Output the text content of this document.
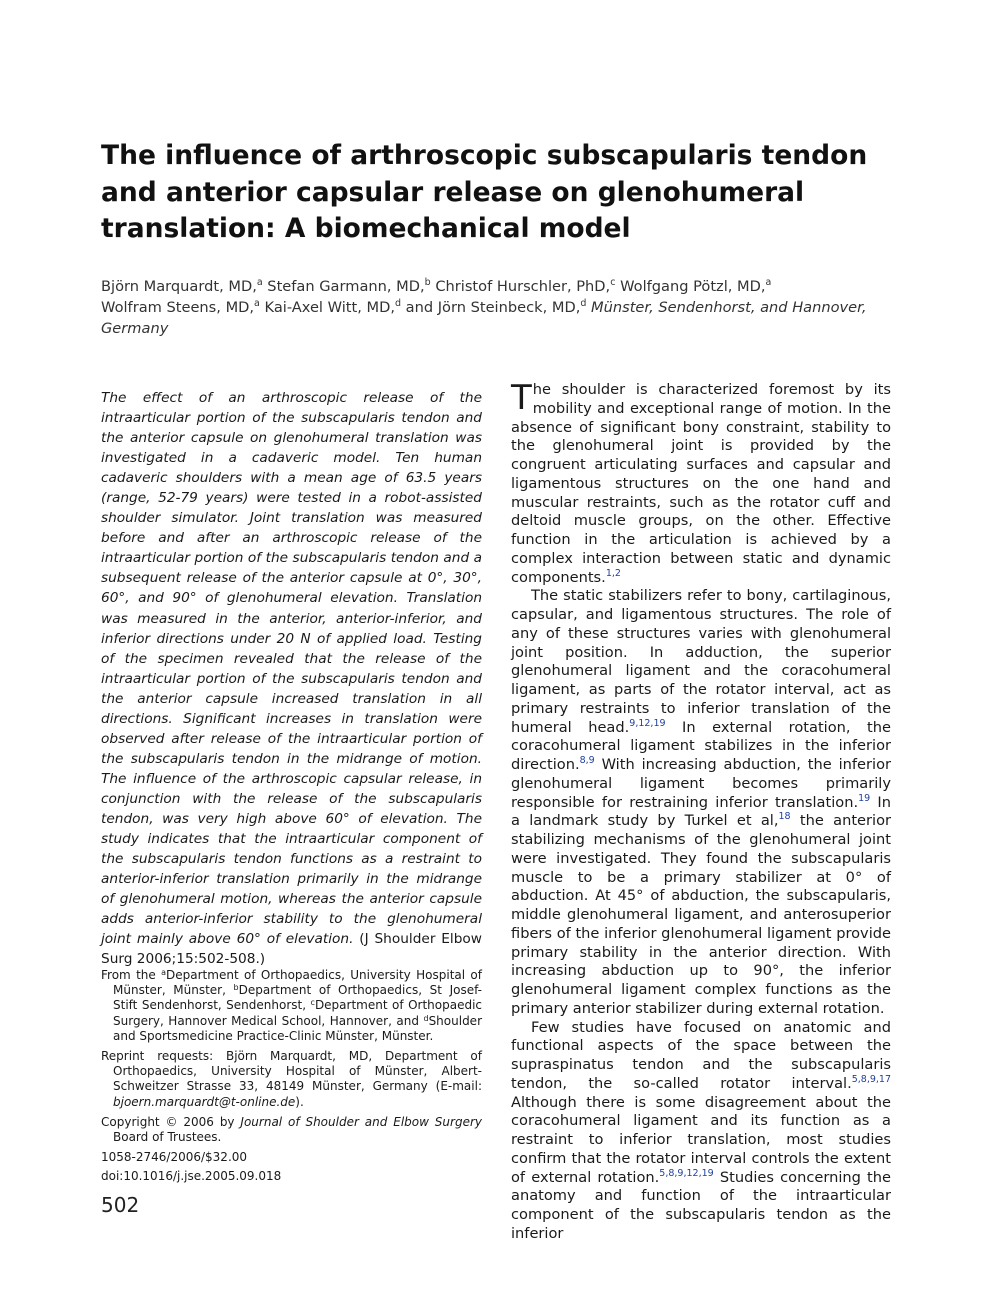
The influence of arthroscopic subscapularis tendon and anterior capsular release on glenohumeral translation: A biomechanical model

Björn Marquardt, MD,$^a$ Stefan Garmann, MD,$^b$ Christof Hurschler, PhD,$^c$ Wolfgang Pötzl, MD,$^a$
Wolfram Steens, MD,$^a$ Kai-Axel Witt, MD,$^d$ and Jörn Steinbeck, MD,$^d$ Münster, Sendenhorst, and Hannover, Germany

The effect of an arthroscopic release of the intraarticular portion of the subscapularis tendon and the anterior capsule on glenohumeral translation was investigated in a cadaveric model. Ten human cadaveric shoulders with a mean age of 63.5 years (range, 52-79 years) were tested in a robot-assisted shoulder simulator. Joint translation was measured before and after an arthroscopic release of the intraarticular portion of the subscapularis tendon and a subsequent release of the anterior capsule at 0°, 30°, 60°, and 90° of glenohumeral elevation. Translation was measured in the anterior, anterior-inferior, and inferior directions under 20 N of applied load. Testing of the specimen revealed that the release of the intraarticular portion of the subscapularis tendon and the anterior capsule increased translation in all directions. Significant increases in translation were observed after release of the intraarticular portion of the subscapularis tendon in the midrange of motion. The influence of the arthroscopic capsular release, in conjunction with the release of the subscapularis tendon, was very high above 60° of elevation. The study indicates that the intraarticular component of the subscapularis tendon functions as a restraint to anterior-inferior translation primarily in the midrange of glenohumeral motion, whereas the anterior capsule adds anterior-inferior stability to the glenohumeral joint mainly above 60° of elevation. (J Shoulder Elbow Surg 2006;15:502-508.)

From the $^a$Department of Orthopaedics, University Hospital of Münster, Münster, $^b$Department of Orthopaedics, St Josef-Stift Sendenhorst, Sendenhorst, $^c$Department of Orthopaedic Surgery, Hannover Medical School, Hannover, and $^d$Shoulder and Sportsmedicine Practice-Clinic Münster, Münster.

Reprint requests: Björn Marquardt, MD, Department of Orthopaedics, University Hospital of Münster, Albert-Schweitzer Strasse 33, 48149 Münster, Germany (E-mail: bjoern.marquardt@t-online.de).

Copyright © 2006 by Journal of Shoulder and Elbow Surgery Board of Trustees.

1058-2746/2006/$32.00

doi:10.1016/j.jse.2005.09.018

502

The shoulder is characterized foremost by its mobility and exceptional range of motion. In the absence of significant bony constraint, stability to the glenohumeral joint is provided by the congruent articulating surfaces and capsular and ligamentous structures on the one hand and muscular restraints, such as the rotator cuff and deltoid muscle groups, on the other. Effective function in the articulation is achieved by a complex interaction between static and dynamic components.$^{1,2}$

The static stabilizers refer to bony, cartilaginous, capsular, and ligamentous structures. The role of any of these structures varies with glenohumeral joint position. In adduction, the superior glenohumeral ligament and the coracohumeral ligament, as parts of the rotator interval, act as primary restraints to inferior translation of the humeral head.$^{9,12,19}$ In external rotation, the coracohumeral ligament stabilizes in the inferior direction.$^{8,9}$ With increasing abduction, the inferior glenohumeral ligament becomes primarily responsible for restraining inferior translation.$^{19}$ In a landmark study by Turkel et al,$^{18}$ the anterior stabilizing mechanisms of the glenohumeral joint were investigated. They found the subscapularis muscle to be a primary stabilizer at 0° of abduction. At 45° of abduction, the subscapularis, middle glenohumeral ligament, and anterosuperior fibers of the inferior glenohumeral ligament provide primary stability in the anterior direction. With increasing abduction up to 90°, the inferior glenohumeral ligament complex functions as the primary anterior stabilizer during external rotation.

Few studies have focused on anatomic and functional aspects of the space between the supraspinatus tendon and the subscapularis tendon, the so-called rotator interval.$^{5,8,9,17}$ Although there is some disagreement about the coracohumeral ligament and its function as a restraint to inferior translation, most studies confirm that the rotator interval controls the extent of external rotation.$^{5,8,9,12,19}$ Studies concerning the anatomy and function of the intraarticular component of the subscapularis tendon as the inferior
